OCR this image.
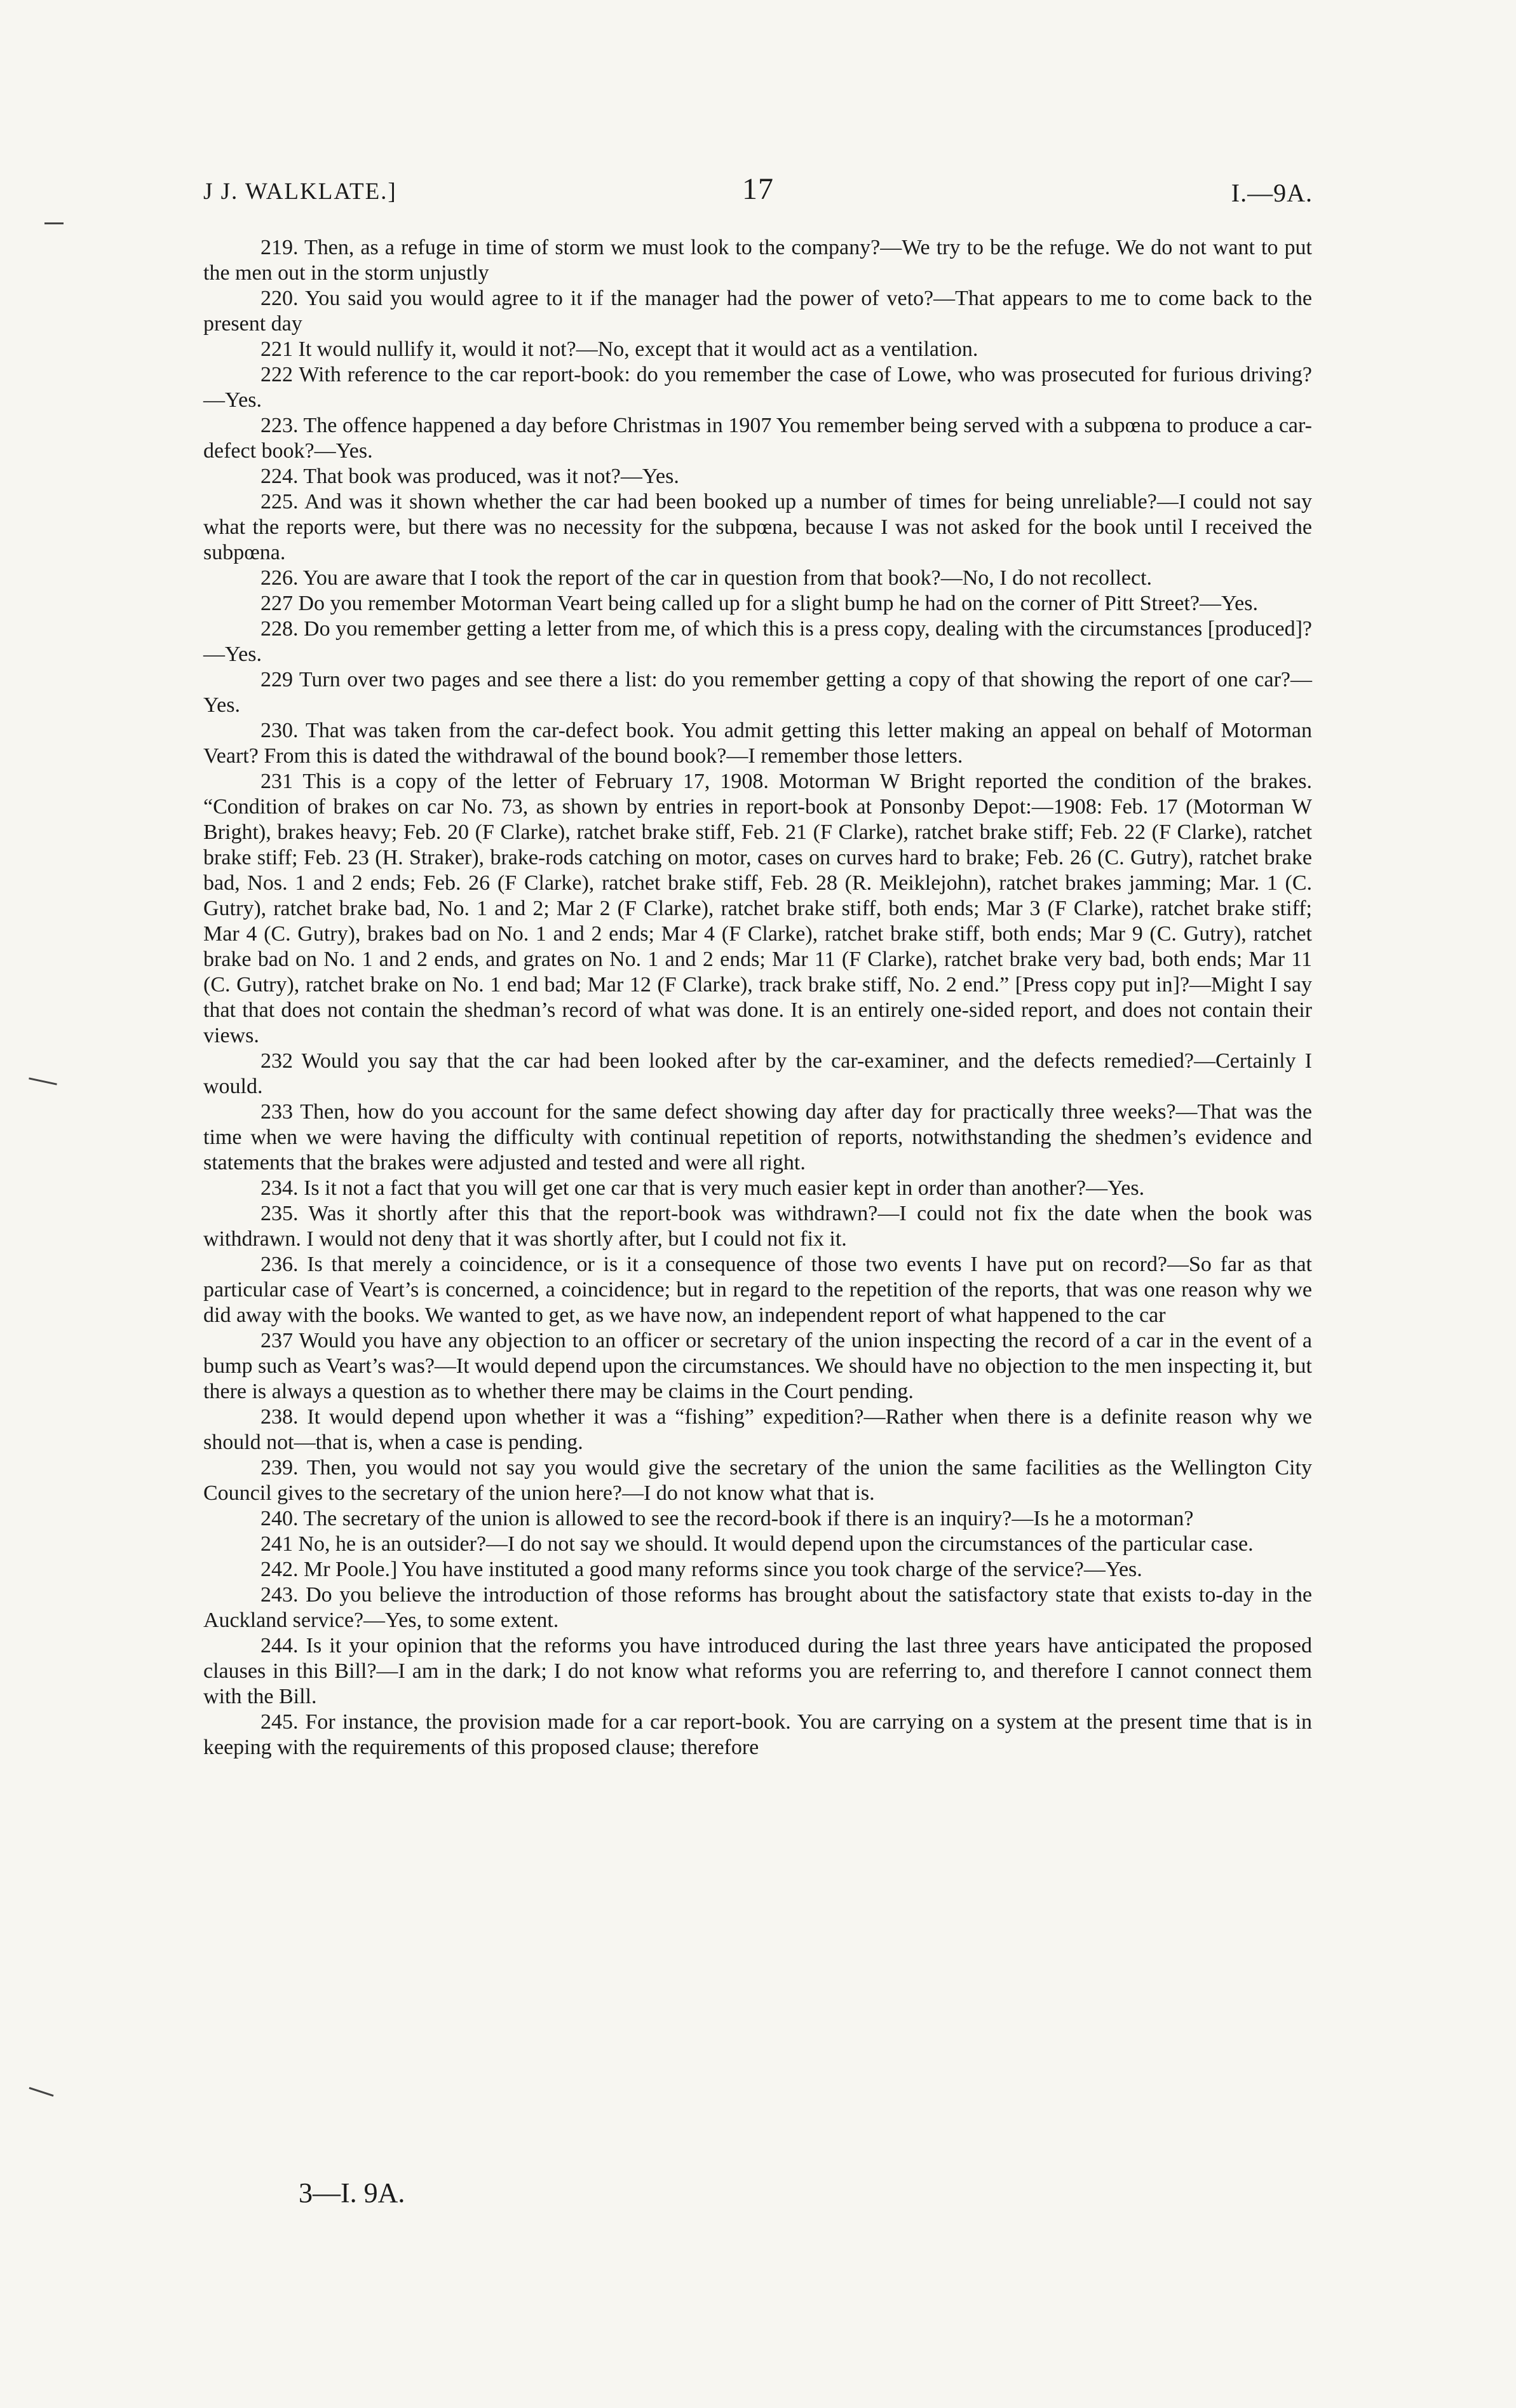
J J. WALKLATE.]	17	I.—9A.

219. Then, as a refuge in time of storm we must look to the company?—We try to be the refuge. We do not want to put the men out in the storm unjustly

220. You said you would agree to it if the manager had the power of veto?—That appears to me to come back to the present day

221 It would nullify it, would it not?—No, except that it would act as a ventilation.

222 With reference to the car report-book: do you remember the case of Lowe, who was prosecuted for furious driving?—Yes.

223. The offence happened a day before Christmas in 1907 You remember being served with a subpœna to produce a car-defect book?—Yes.

224. That book was produced, was it not?—Yes.

225. And was it shown whether the car had been booked up a number of times for being unreliable?—I could not say what the reports were, but there was no necessity for the subpœna, because I was not asked for the book until I received the subpœna.

226. You are aware that I took the report of the car in question from that book?—No, I do not recollect.

227 Do you remember Motorman Veart being called up for a slight bump he had on the corner of Pitt Street?—Yes.

228. Do you remember getting a letter from me, of which this is a press copy, dealing with the circumstances [produced]?—Yes.

229 Turn over two pages and see there a list: do you remember getting a copy of that showing the report of one car?—Yes.

230. That was taken from the car-defect book. You admit getting this letter making an appeal on behalf of Motorman Veart? From this is dated the withdrawal of the bound book?—I remember those letters.

231 This is a copy of the letter of February 17, 1908. Motorman W Bright reported the condition of the brakes. “Condition of brakes on car No. 73, as shown by entries in report-book at Ponsonby Depot:—1908: Feb. 17 (Motorman W Bright), brakes heavy; Feb. 20 (F Clarke), ratchet brake stiff, Feb. 21 (F Clarke), ratchet brake stiff; Feb. 22 (F Clarke), ratchet brake stiff; Feb. 23 (H. Straker), brake-rods catching on motor, cases on curves hard to brake; Feb. 26 (C. Gutry), ratchet brake bad, Nos. 1 and 2 ends; Feb. 26 (F Clarke), ratchet brake stiff, Feb. 28 (R. Meiklejohn), ratchet brakes jamming; Mar. 1 (C. Gutry), ratchet brake bad, No. 1 and 2; Mar 2 (F Clarke), ratchet brake stiff, both ends; Mar 3 (F Clarke), ratchet brake stiff; Mar 4 (C. Gutry), brakes bad on No. 1 and 2 ends; Mar 4 (F Clarke), ratchet brake stiff, both ends; Mar 9 (C. Gutry), ratchet brake bad on No. 1 and 2 ends, and grates on No. 1 and 2 ends; Mar 11 (F Clarke), ratchet brake very bad, both ends; Mar 11 (C. Gutry), ratchet brake on No. 1 end bad; Mar 12 (F Clarke), track brake stiff, No. 2 end.” [Press copy put in]?—Might I say that that does not contain the shedman’s record of what was done. It is an entirely one-sided report, and does not contain their views.

232 Would you say that the car had been looked after by the car-examiner, and the defects remedied?—Certainly I would.

233 Then, how do you account for the same defect showing day after day for practically three weeks?—That was the time when we were having the difficulty with continual repetition of reports, notwithstanding the shedmen’s evidence and statements that the brakes were adjusted and tested and were all right.

234. Is it not a fact that you will get one car that is very much easier kept in order than another?—Yes.

235. Was it shortly after this that the report-book was withdrawn?—I could not fix the date when the book was withdrawn. I would not deny that it was shortly after, but I could not fix it.

236. Is that merely a coincidence, or is it a consequence of those two events I have put on record?—So far as that particular case of Veart’s is concerned, a coincidence; but in regard to the repetition of the reports, that was one reason why we did away with the books. We wanted to get, as we have now, an independent report of what happened to the car

237 Would you have any objection to an officer or secretary of the union inspecting the record of a car in the event of a bump such as Veart’s was?—It would depend upon the circumstances. We should have no objection to the men inspecting it, but there is always a question as to whether there may be claims in the Court pending.

238. It would depend upon whether it was a “fishing” expedition?—Rather when there is a definite reason why we should not—that is, when a case is pending.

239. Then, you would not say you would give the secretary of the union the same facilities as the Wellington City Council gives to the secretary of the union here?—I do not know what that is.

240. The secretary of the union is allowed to see the record-book if there is an inquiry?—Is he a motorman?

241 No, he is an outsider?—I do not say we should. It would depend upon the circumstances of the particular case.

242. Mr Poole.] You have instituted a good many reforms since you took charge of the service?—Yes.

243. Do you believe the introduction of those reforms has brought about the satisfactory state that exists to-day in the Auckland service?—Yes, to some extent.

244. Is it your opinion that the reforms you have introduced during the last three years have anticipated the proposed clauses in this Bill?—I am in the dark; I do not know what reforms you are referring to, and therefore I cannot connect them with the Bill.

245. For instance, the provision made for a car report-book. You are carrying on a system at the present time that is in keeping with the requirements of this proposed clause; therefore

3—I. 9A.
